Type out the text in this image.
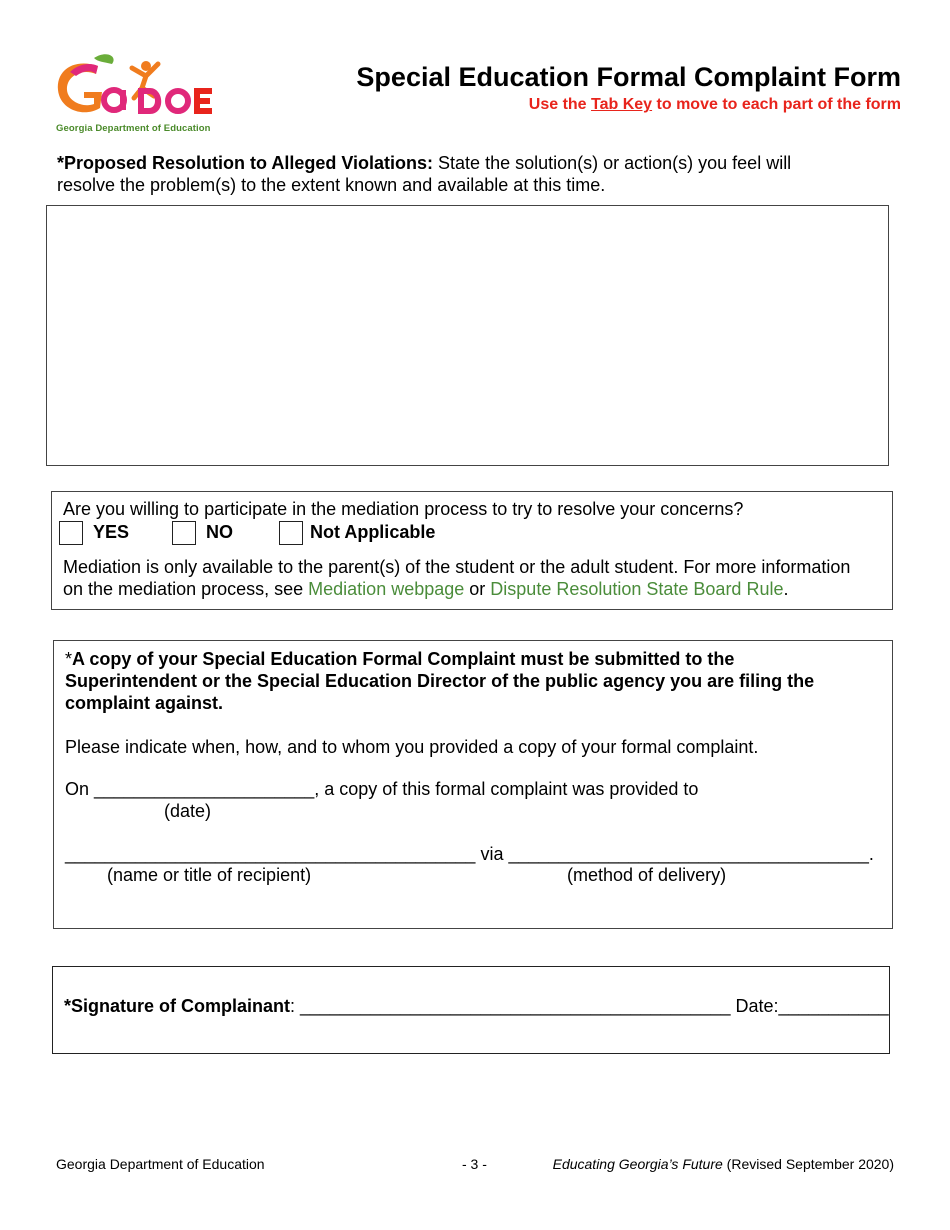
Georgia Department of Education
Special Education Formal Complaint Form
Use the Tab Key to move to each part of the form
*Proposed Resolution to Alleged Violations: State the solution(s) or action(s) you feel will
resolve the problem(s) to the extent known and available at this time.
Are you willing to participate in the mediation process to try to resolve your concerns?
YES	NO	Not Applicable
Mediation is only available to the parent(s) of the student or the adult student. For more information
on the mediation process, see Mediation webpage or Dispute Resolution State Board Rule.

*A copy of your Special Education Formal Complaint must be submitted to the
Superintendent or the Special Education Director of the public agency you are filing the
complaint against.

Please indicate when, how, and to whom you provided a copy of your formal complaint.

On ______________________, a copy of this formal complaint was provided to

(date)

_________________________________________ via ____________________________________.

(name or title of recipient)	(method of delivery)
*Signature of Complainant: ___________________________________________ Date:___________
Georgia Department of Education	- 3 -	Educating Georgia’s Future (Revised September 2020)
